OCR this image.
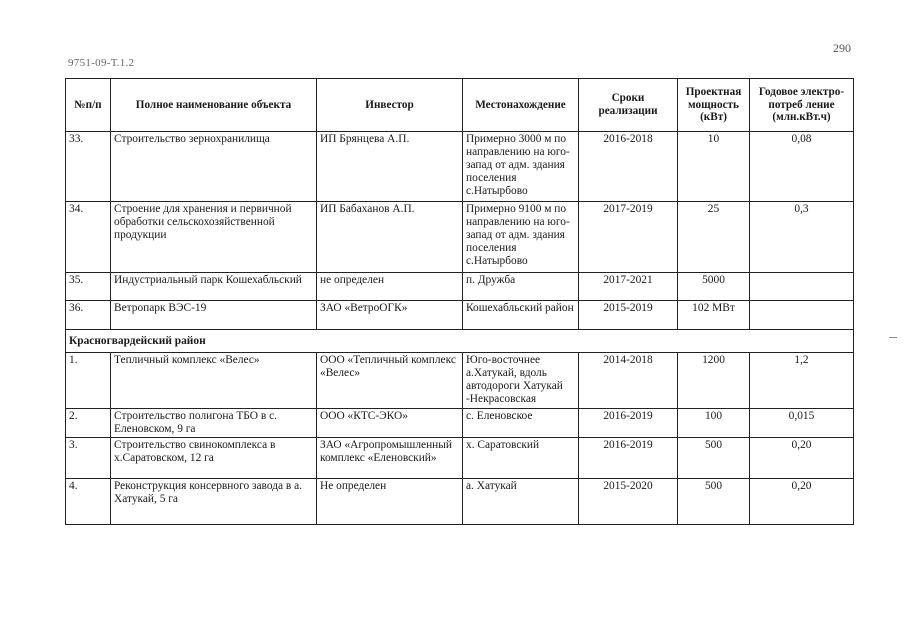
290
9751-09-Т.1.2
№п/п	Полное наименование объекта	Инвестор	Местонахождение	Сроки реализации	Проектная мощность (кВт)	Годовое электро-потреб ление (млн.кВт.ч)
33.	Строительство зернохранилища	ИП Брянцева А.П.	Примерно 3000 м по направлению на юго-запад от адм. здания поселения с.Натырбово	2016-2018	10	0,08
34.	Строение для хранения и первичной обработки сельскохозяйственной продукции	ИП Бабаханов А.П.	Примерно 9100 м по направлению на юго-запад от адм. здания поселения с.Натырбово	2017-2019	25	0,3
35.	Индустриальный парк Кошехабльский	не определен	п. Дружба	2017-2021	5000	
36.	Ветропарк ВЭС-19	ЗАО «ВетроОГК»	Кошехабльский район	2015-2019	102 МВт	
Красногвардейский район						
1.	Тепличный комплекс «Велес»	ООО «Тепличный комплекс «Велес»	Юго-восточнее а.Хатукай, вдоль автодороги Хатукай -Некрасовская	2014-2018	1200	1,2
2.	Строительство полигона ТБО в с. Еленовском, 9 га	ООО «КТС-ЭКО»	с. Еленовское	2016-2019	100	0,015
3.	Строительство свинокомплекса в х.Саратовском, 12 га	ЗАО «Агропромышленный комплекс «Еленовский»	х. Саратовский	2016-2019	500	0,20
4.	Реконструкция консервного завода в а. Хатукай, 5 га	Не определен	а. Хатукай	2015-2020	500	0,20
